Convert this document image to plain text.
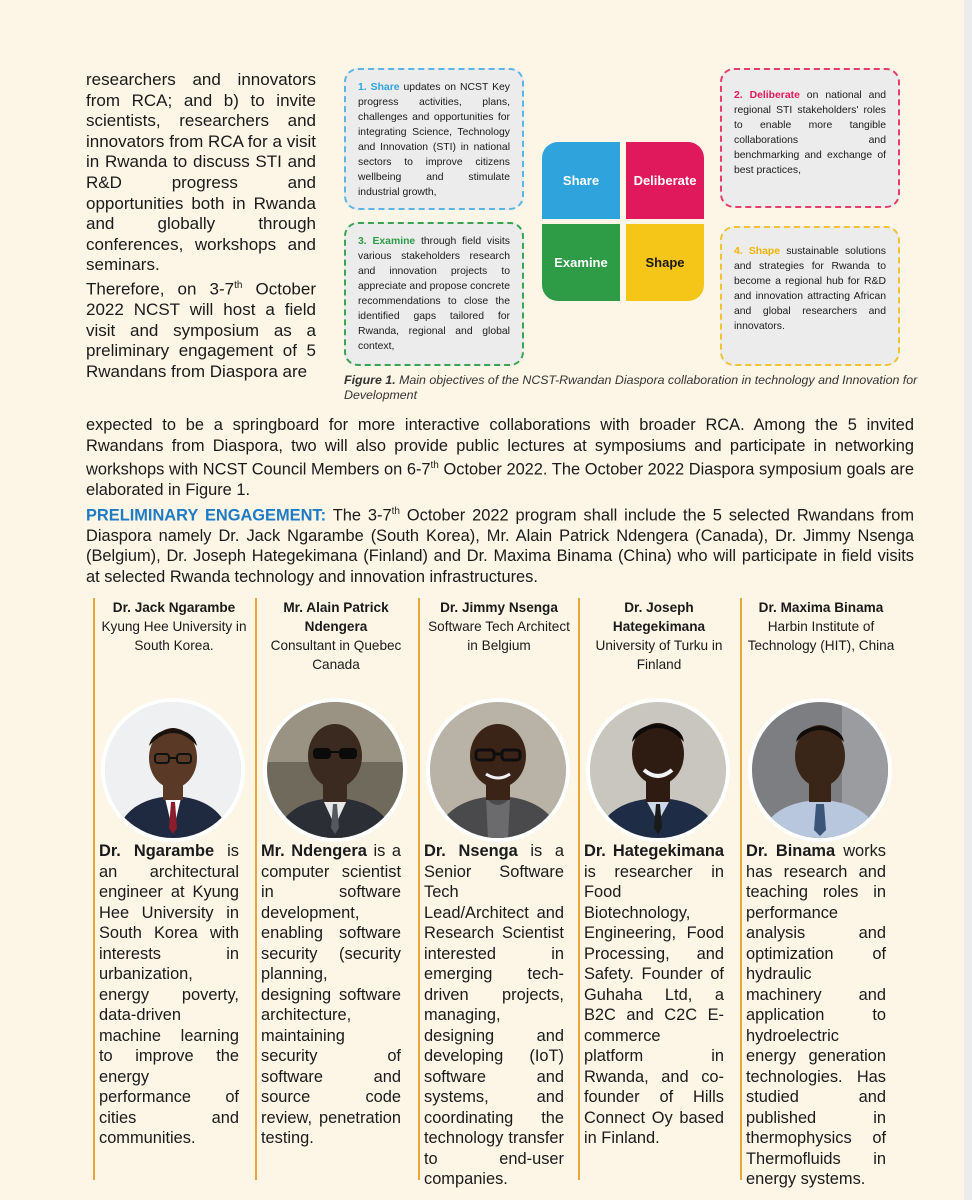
researchers and innovators from RCA; and b) to invite scientists, researchers and innovators from RCA for a visit in Rwanda to discuss STI and R&D progress and opportunities both in Rwanda and globally through conferences, workshops and seminars.

Therefore, on 3-7th October 2022 NCST will host a field visit and symposium as a preliminary engagement of 5 Rwandans from Diaspora are

1. Share updates on NCST Key progress activities, plans, challenges and opportunities for integrating Science, Technology and Innovation (STI) in national sectors to improve citizens wellbeing and stimulate industrial growth,
2. Deliberate on national and regional STI stakeholders' roles to enable more tangible collaborations and benchmarking and exchange of best practices,
3. Examine through field visits various stakeholders research and innovation projects to appreciate and propose concrete recommendations to close the identified gaps tailored for Rwanda, regional and global context,
4. Shape sustainable solutions and strategies for Rwanda to become a regional hub for R&D and innovation attracting African and global researchers and innovators.
Share	Deliberate
Examine	Shape
Figure 1. Main objectives of the NCST-Rwandan Diaspora collaboration in technology and Innovation for Development

expected to be a springboard for more interactive collaborations with broader RCA. Among the 5 invited Rwandans from Diaspora, two will also provide public lectures at symposiums and participate in networking workshops with NCST Council Members on 6-7th October 2022. The October 2022 Diaspora symposium goals are elaborated in Figure 1.

PRELIMINARY ENGAGEMENT: The 3-7th October 2022 program shall include the 5 selected Rwandans from Diaspora namely Dr. Jack Ngarambe (South Korea), Mr. Alain Patrick Ndengera (Canada), Dr. Jimmy Nsenga (Belgium), Dr. Joseph Hategekimana (Finland) and Dr. Maxima Binama (China) who will participate in field visits at selected Rwanda technology and innovation infrastructures.

Dr. Jack Ngarambe
Kyung Hee University in South Korea.
Dr. Ngarambe is an architectural engineer at Kyung Hee University in South Korea with interests in urbanization, energy poverty, data-driven machine learning to improve the energy performance of cities and communities.
Mr. Alain Patrick Ndengera
Consultant in Quebec Canada
Mr. Ndengera is a computer scientist in software development, enabling software security (security planning, designing software architecture, maintaining security of software and source code review, penetration testing.
Dr. Jimmy Nsenga
Software Tech Architect in Belgium
Dr. Nsenga is a Senior Software Tech Lead/Architect and Research Scientist interested in emerging tech-driven projects, managing, designing and developing (IoT) software and systems, and coordinating the technology transfer to end-user companies.
Dr. Joseph Hategekimana
University of Turku in Finland
Dr. Hategekimana is researcher in Food Biotechnology, Engineering, Food Processing, and Safety. Founder of Guhaha Ltd, a B2C and C2C E-commerce platform in Rwanda, and co-founder of Hills Connect Oy based in Finland.
Dr. Maxima Binama
Harbin Institute of Technology (HIT), China
Dr. Binama works has research and teaching roles in performance analysis and optimization of hydraulic machinery and application to hydroelectric energy generation technologies. Has studied and published in thermophysics of Thermofluids in energy systems.
